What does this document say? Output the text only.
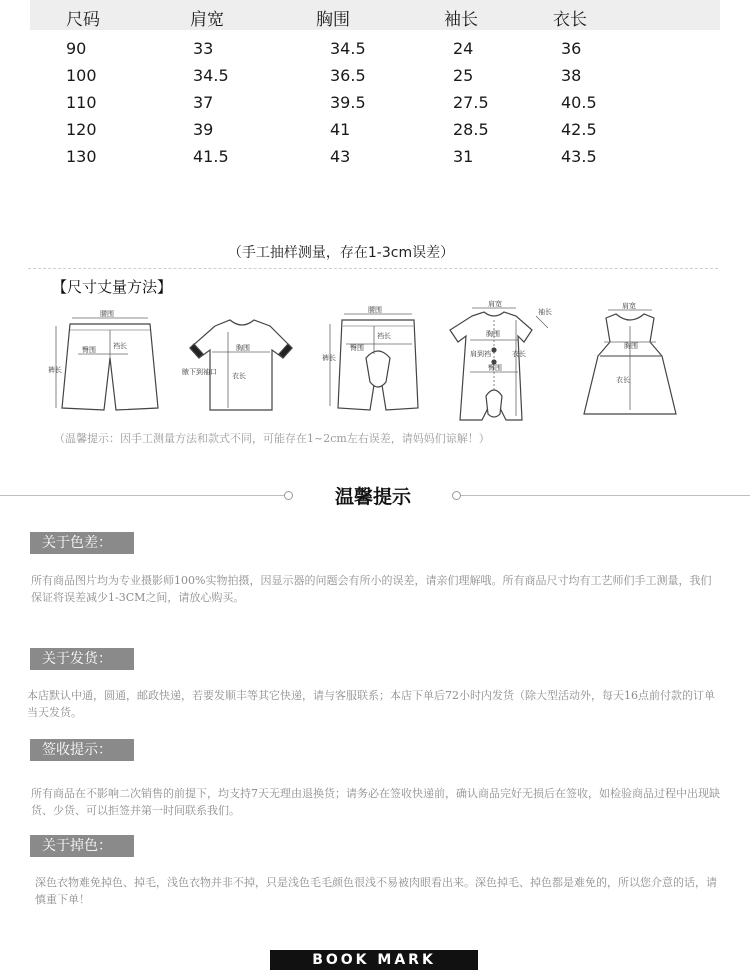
尺码	肩宽	胸围	袖长	衣长
90	33	34.5	24	36
100	34.5	36.5	25	38
110	37	39.5	27.5	40.5
120	39	41	28.5	42.5
130	41.5	43	31	43.5
（手工抽样测量，存在1-3cm误差）
【尺寸丈量方法】
腰围
臀围 裆长
裤长
胸围
腋下到袖口 衣长
腰围
臀围
裆长
裤长
肩宽
袖长
胸围
臀围
肩到裆	衣长
肩宽
胸围
衣长
（温馨提示：因手工测量方法和款式不同，可能存在1~2cm左右误差，请妈妈们谅解！）
温馨提示
关于色差：
所有商品图片均为专业摄影师100%实物拍摄，因显示器的问题会有所小的误差，请亲们理解哦。所有商品尺寸均有工艺师们手工测量，我们保证将误差减少1-3CM之间，请放心购买。
关于发货：
本店默认中通，圆通，邮政快递，若要发顺丰等其它快递，请与客服联系；本店下单后72小时内发货（除大型活动外，每天16点前付款的订单当天发货。
签收提示：
所有商品在不影响二次销售的前提下，均支持7天无理由退换货；请务必在签收快递前，确认商品完好无损后在签收，如检验商品过程中出现缺货、少货、可以拒签并第一时间联系我们。
关于掉色：
深色衣物难免掉色、掉毛，浅色衣物并非不掉，只是浅色毛毛颜色很浅不易被肉眼看出来。深色掉毛、掉色都是难免的，所以您介意的话，请慎重下单！
BOOK MARK
